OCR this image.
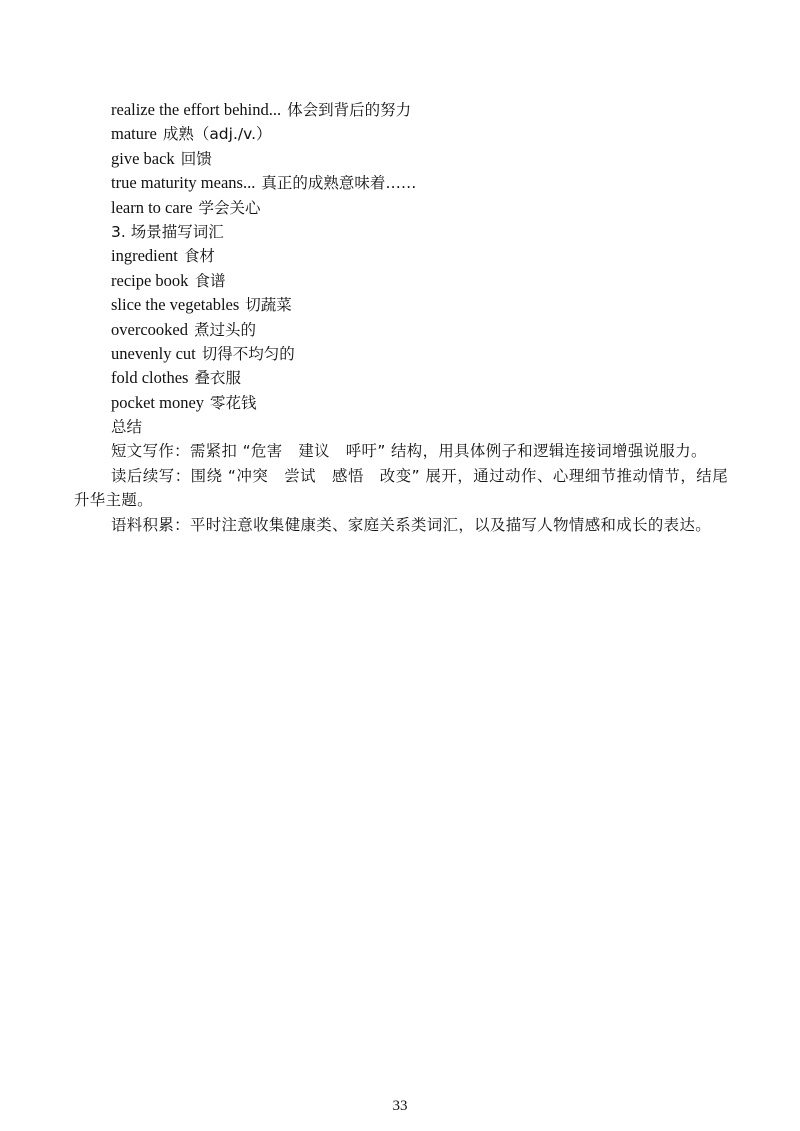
realize the effort behind... 体会到背后的努力
mature 成熟（adj./v.）
give back 回馈
true maturity means... 真正的成熟意味着……
learn to care 学会关心
3. 场景描写词汇
ingredient 食材
recipe book 食谱
slice the vegetables 切蔬菜
overcooked 煮过头的
unevenly cut 切得不均匀的
fold clothes 叠衣服
pocket money 零花钱
总结

短文写作：需紧扣 “危害　建议　呼吁” 结构，用具体例子和逻辑连接词增强说服力。

读后续写：围绕 “冲突　尝试　感悟　改变” 展开，通过动作、心理细节推动情节，结尾升华主题。

语料积累：平时注意收集健康类、家庭关系类词汇，以及描写人物情感和成长的表达。

33
